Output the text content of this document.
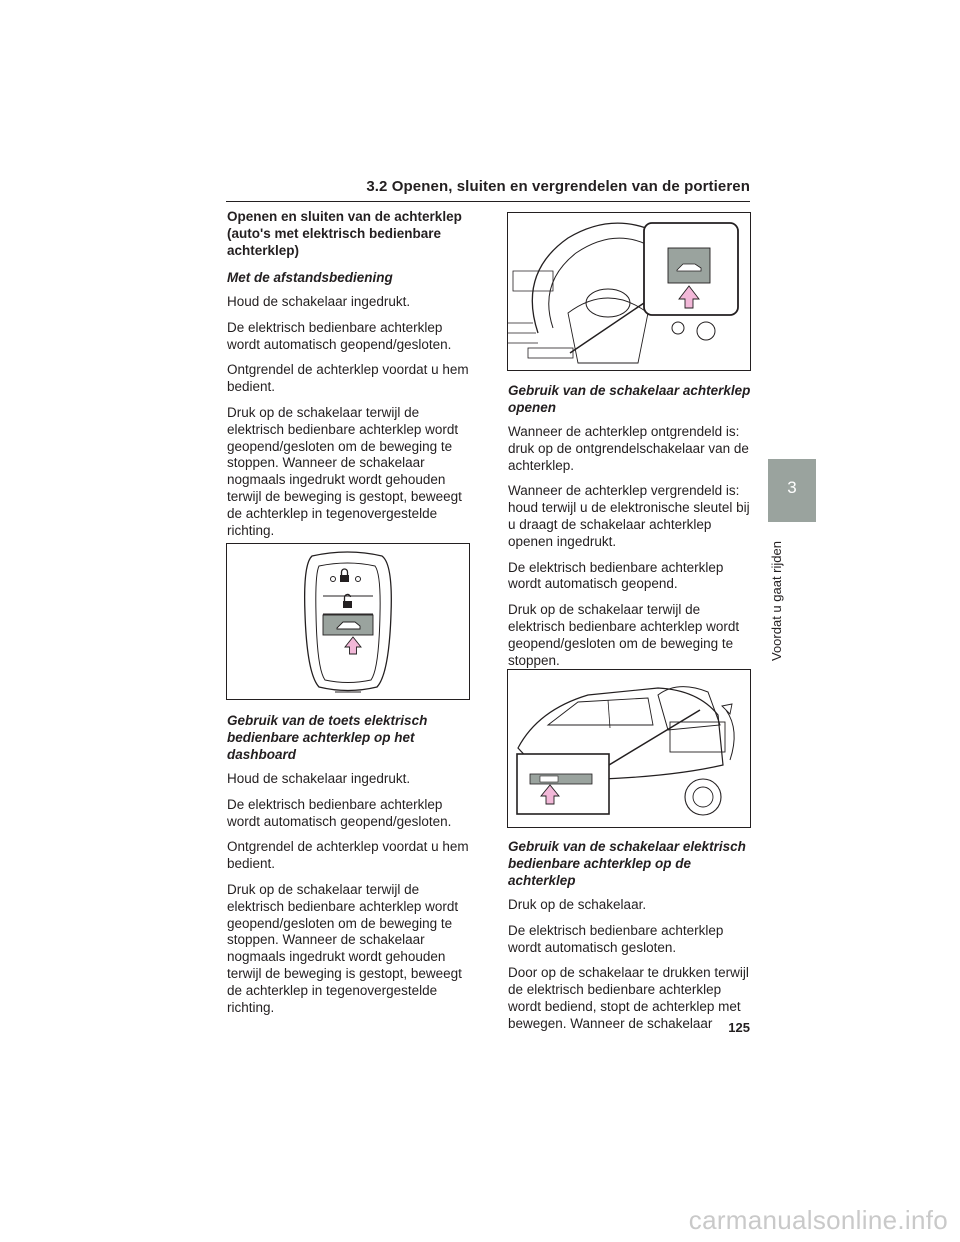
3.2 Openen, sluiten en vergrendelen van de portieren
Openen en sluiten van de achterklep (auto's met elektrisch bedienbare achterklep)
Met de afstandsbediening
Houd de schakelaar ingedrukt.
De elektrisch bedienbare achterklep wordt automatisch geopend/gesloten.
Ontgrendel de achterklep voordat u hem bedient.
Druk op de schakelaar terwijl de elektrisch bedienbare achterklep wordt geopend/gesloten om de beweging te stoppen. Wanneer de schakelaar nogmaals ingedrukt wordt gehouden terwijl de beweging is gestopt, beweegt de achterklep in tegenovergestelde richting.
Gebruik van de toets elektrisch bedienbare achterklep op het dashboard
Houd de schakelaar ingedrukt.
De elektrisch bedienbare achterklep wordt automatisch geopend/gesloten.
Ontgrendel de achterklep voordat u hem bedient.
Druk op de schakelaar terwijl de elektrisch bedienbare achterklep wordt geopend/gesloten om de beweging te stoppen. Wanneer de schakelaar nogmaals ingedrukt wordt gehouden terwijl de beweging is gestopt, beweegt de achterklep in tegenovergestelde richting.
Gebruik van de schakelaar achterklep openen
Wanneer de achterklep ontgrendeld is: druk op de ontgrendelschakelaar van de achterklep.
Wanneer de achterklep vergrendeld is: houd terwijl u de elektronische sleutel bij u draagt de schakelaar achterklep openen ingedrukt.
De elektrisch bedienbare achterklep wordt automatisch geopend.
Druk op de schakelaar terwijl de elektrisch bedienbare achterklep wordt geopend/gesloten om de beweging te stoppen.
Gebruik van de schakelaar elektrisch bedienbare achterklep op de achterklep
Druk op de schakelaar.
De elektrisch bedienbare achterklep wordt automatisch gesloten.
Door op de schakelaar te drukken terwijl de elektrisch bedienbare achterklep wordt bediend, stopt de achterklep met bewegen. Wanneer de schakelaar
3
Voordat u gaat rijden
125
carmanualsonline.info
